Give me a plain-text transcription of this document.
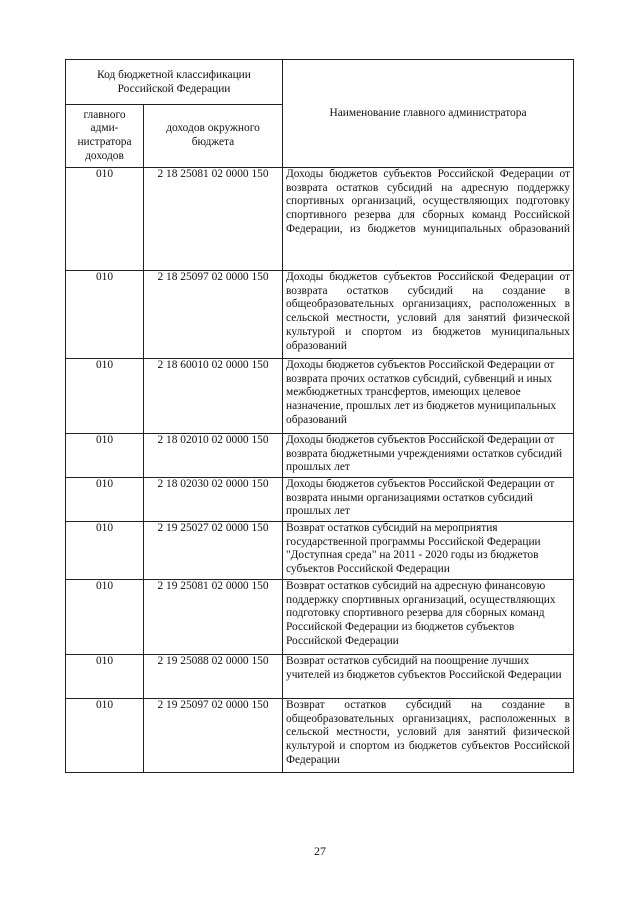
Код бюджетной классификации Российской Федерации		Наименование главного администратора
главного адми-нистратора доходов	доходов окружного бюджета	
010	2 18 25081 02 0000 150	Доходы бюджетов субъектов Российской Федерации от возврата остатков субсидий на адресную поддержку спортивных организаций, осуществляющих подготовку спортивного резерва для сборных команд Российской Федерации, из бюджетов муниципальных образований
010	2 18 25097 02 0000 150	Доходы бюджетов субъектов Российской Федерации от возврата остатков субсидий на создание в общеобразовательных организациях, расположенных в сельской местности, условий для занятий физической культурой и спортом из бюджетов муниципальных образований
010	2 18 60010 02 0000 150	Доходы бюджетов субъектов Российской Федерации от возврата прочих остатков субсидий, субвенций и иных межбюджетных трансфертов, имеющих целевое назначение, прошлых лет из бюджетов муниципальных образований
010	2 18 02010 02 0000 150	Доходы бюджетов субъектов Российской Федерации от возврата бюджетными учреждениями остатков субсидий прошлых лет
010	2 18 02030 02 0000 150	Доходы бюджетов субъектов Российской Федерации от возврата иными организациями остатков субсидий прошлых лет
010	2 19 25027 02 0000 150	Возврат остатков субсидий на мероприятия государственной программы Российской Федерации "Доступная среда" на 2011 - 2020 годы из бюджетов субъектов Российской Федерации
010	2 19 25081 02 0000 150	Возврат остатков субсидий на адресную финансовую поддержку спортивных организаций, осуществляющих подготовку спортивного резерва для сборных команд Российской Федерации из бюджетов субъектов Российской Федерации
010	2 19 25088 02 0000 150	Возврат остатков субсидий на поощрение лучших учителей из бюджетов субъектов Российской Федерации
010	2 19 25097 02 0000 150	Возврат остатков субсидий на создание в общеобразовательных организациях, расположенных в сельской местности, условий для занятий физической культурой и спортом из бюджетов субъектов Российской Федерации
27
